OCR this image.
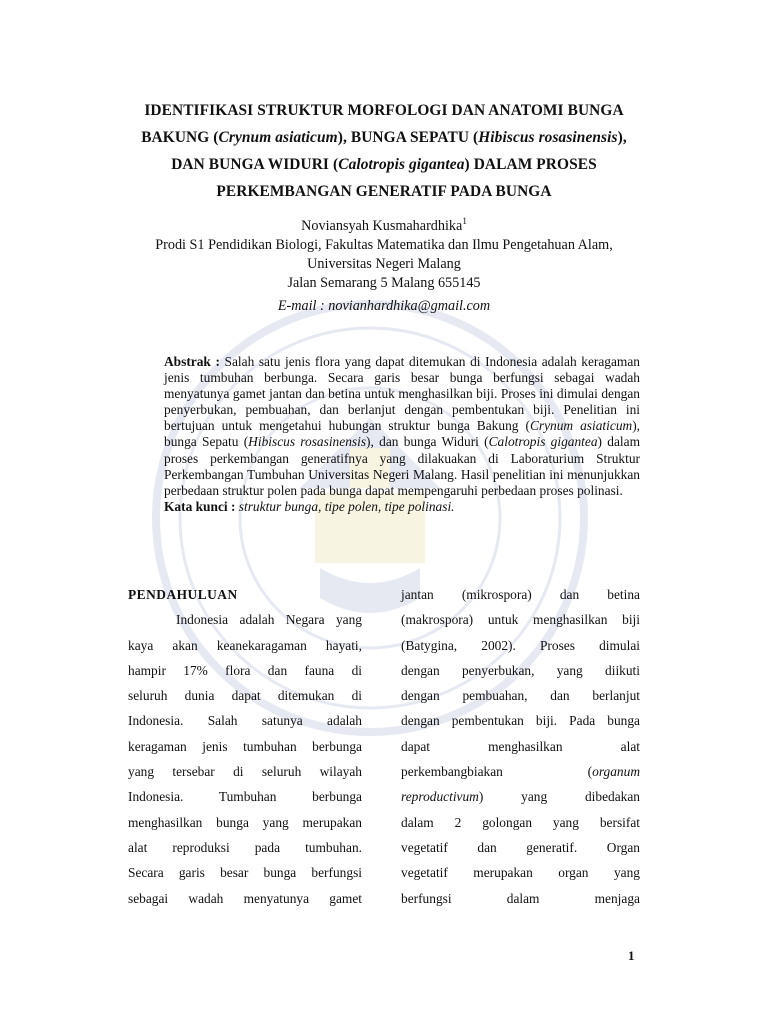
IDENTIFIKASI STRUKTUR MORFOLOGI DAN ANATOMI BUNGA
BAKUNG (Crynum asiaticum), BUNGA SEPATU (Hibiscus rosasinensis),
DAN BUNGA WIDURI (Calotropis gigantea) DALAM PROSES
PERKEMBANGAN GENERATIF PADA BUNGA
Noviansyah Kusmahardhika$^1$
Prodi S1 Pendidikan Biologi, Fakultas Matematika dan Ilmu Pengetahuan Alam,
Universitas Negeri Malang
Jalan Semarang 5 Malang 655145
E-mail : novianhardhika@gmail.com

Abstrak : Salah satu jenis flora yang dapat ditemukan di Indonesia adalah keragaman jenis tumbuhan berbunga. Secara garis besar bunga berfungsi sebagai wadah menyatunya gamet jantan dan betina untuk menghasilkan biji. Proses ini dimulai dengan penyerbukan, pembuahan, dan berlanjut dengan pembentukan biji. Penelitian ini bertujuan untuk mengetahui hubungan struktur bunga Bakung (Crynum asiaticum), bunga Sepatu (Hibiscus rosasinensis), dan bunga Widuri (Calotropis gigantea) dalam proses perkembangan generatifnya yang dilakuakan di Laboraturium Struktur Perkembangan Tumbuhan Universitas Negeri Malang. Hasil penelitian ini menunjukkan perbedaan struktur polen pada bunga dapat mempengaruhi perbedaan proses polinasi.

Kata kunci : struktur bunga, tipe polen, tipe polinasi.

PENDAHULUAN
Indonesia adalah Negara yang
kaya akan keanekaragaman hayati,
hampir 17% flora dan fauna di
seluruh dunia dapat ditemukan di
Indonesia. Salah satunya adalah
keragaman jenis tumbuhan berbunga
yang tersebar di seluruh wilayah
Indonesia. Tumbuhan berbunga
menghasilkan bunga yang merupakan
alat reproduksi pada tumbuhan.
Secara garis besar bunga berfungsi
sebagai wadah menyatunya gamet
jantan (mikrospora) dan betina
(makrospora) untuk menghasilkan biji
(Batygina, 2002). Proses dimulai
dengan penyerbukan, yang diikuti
dengan pembuahan, dan berlanjut
dengan pembentukan biji. Pada bunga
dapat menghasilkan alat
perkembangbiakan (organum
reproductivum) yang dibedakan
dalam 2 golongan yang bersifat
vegetatif dan generatif. Organ
vegetatif merupakan organ yang
berfungsi dalam menjaga
1
